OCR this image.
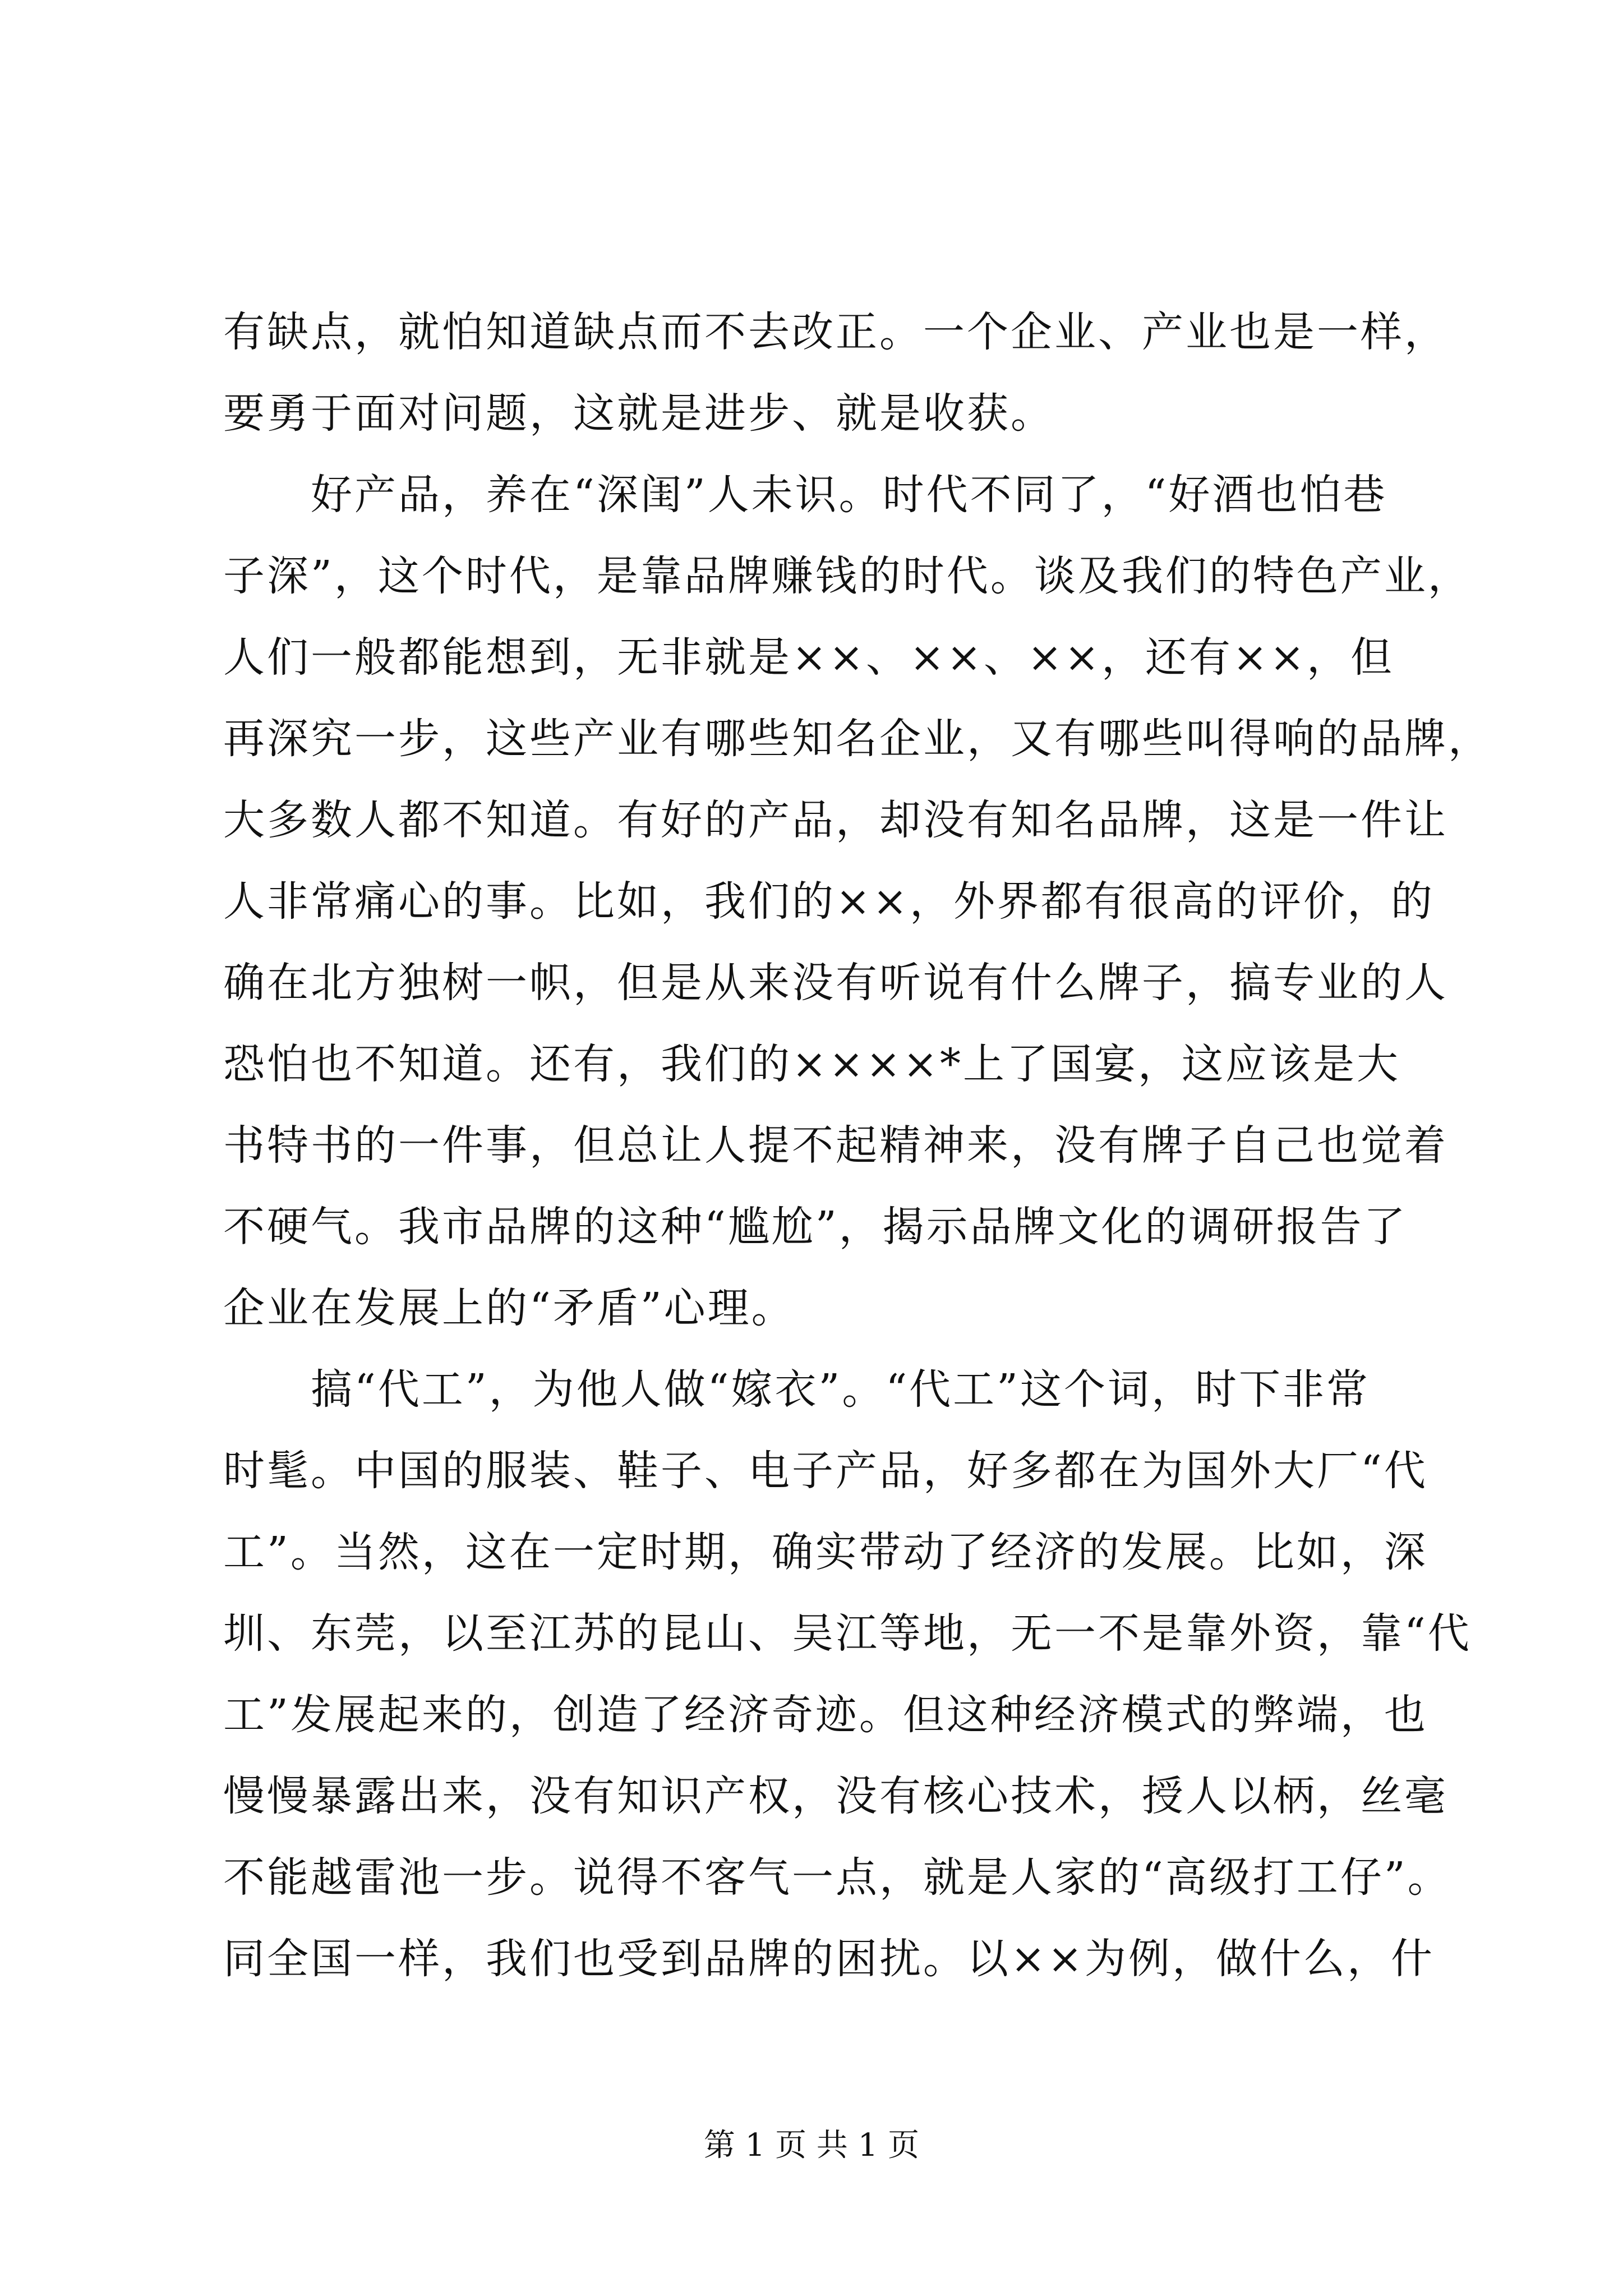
有缺点，就怕知道缺点而不去改正。一个企业、产业也是一样，
要勇于面对问题，这就是进步、就是收获。
　　好产品，养在“深闺”人未识。时代不同了，“好酒也怕巷
子深”，这个时代，是靠品牌赚钱的时代。谈及我们的特色产业，
人们一般都能想到，无非就是××、××、××，还有××，但
再深究一步，这些产业有哪些知名企业，又有哪些叫得响的品牌，
大多数人都不知道。有好的产品，却没有知名品牌，这是一件让
人非常痛心的事。比如，我们的××，外界都有很高的评价，的
确在北方独树一帜，但是从来没有听说有什么牌子，搞专业的人
恐怕也不知道。还有，我们的××××*上了国宴，这应该是大
书特书的一件事，但总让人提不起精神来，没有牌子自己也觉着
不硬气。我市品牌的这种“尴尬”，揭示品牌文化的调研报告了
企业在发展上的“矛盾”心理。
　　搞“代工”，为他人做“嫁衣”。“代工”这个词，时下非常
时髦。中国的服装、鞋子、电子产品，好多都在为国外大厂“代
工”。当然，这在一定时期，确实带动了经济的发展。比如，深
圳、东莞，以至江苏的昆山、吴江等地，无一不是靠外资，靠“代
工”发展起来的，创造了经济奇迹。但这种经济模式的弊端，也
慢慢暴露出来，没有知识产权，没有核心技术，授人以柄，丝毫
不能越雷池一步。说得不客气一点，就是人家的“高级打工仔”。
同全国一样，我们也受到品牌的困扰。以××为例，做什么，什
第 1 页 共 1 页
